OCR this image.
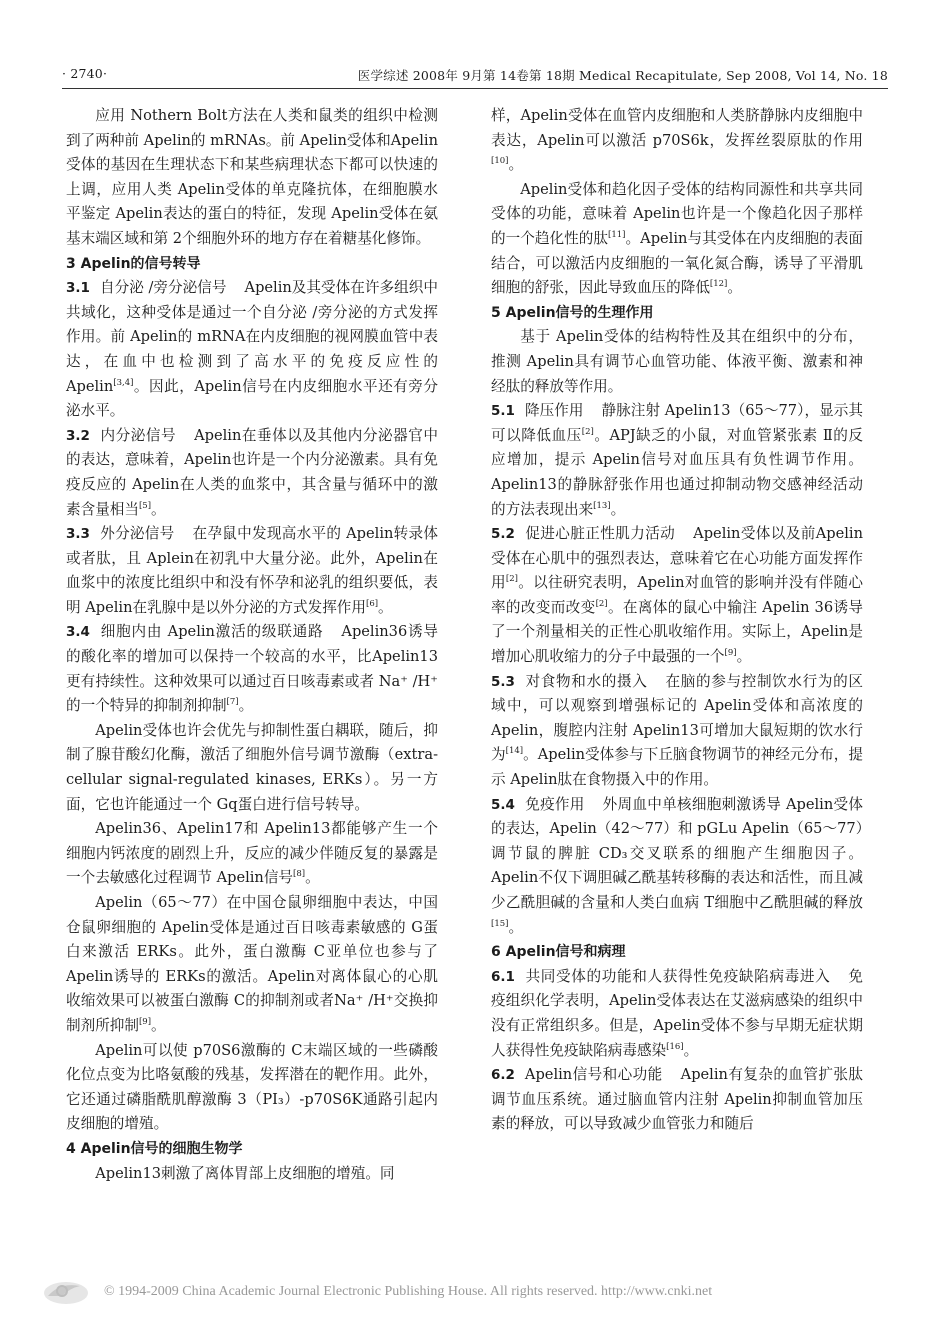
· 2740·	医学综述 2008年 9月第 14卷第 18期 Medical Recapitulate, Sep 2008, Vol 14, No. 18

应用 Nothern Bolt方法在人类和鼠类的组织中检测到了两种前 Apelin的 mRNAs。前 Apelin受体和Apelin受体的基因在生理状态下和某些病理状态下都可以快速的上调，应用人类 Apelin受体的单克隆抗体，在细胞膜水平鉴定 Apelin表达的蛋白的特征，发现 Apelin受体在氨基末端区域和第 2个细胞外环的地方存在着糖基化修饰。

3 Apelin的信号转导

3.1 自分泌 /旁分泌信号 Apelin及其受体在许多组织中共域化，这种受体是通过一个自分泌 /旁分泌的方式发挥作用。前 Apelin的 mRNA在内皮细胞的视网膜血管中表达，在血中也检测到了高水平的免疫反应性的 Apelin[3,4]。因此，Apelin信号在内皮细胞水平还有旁分泌水平。

3.2 内分泌信号 Apelin在垂体以及其他内分泌器官中的表达，意味着，Apelin也许是一个内分泌激素。具有免疫反应的 Apelin在人类的血浆中，其含量与循环中的激素含量相当[5]。

3.3 外分泌信号 在孕鼠中发现高水平的 Apelin转录体或者肽，且 Aplein在初乳中大量分泌。此外，Apelin在血浆中的浓度比组织中和没有怀孕和泌乳的组织要低，表明 Apelin在乳腺中是以外分泌的方式发挥作用[6]。

3.4 细胞内由 Apelin激活的级联通路 Apelin36诱导的酸化率的增加可以保持一个较高的水平，比Apelin13更有持续性。这种效果可以通过百日咳毒素或者 Na⁺ /H⁺的一个特异的抑制剂抑制[7]。

Apelin受体也许会优先与抑制性蛋白耦联，随后，抑制了腺苷酸幻化酶，激活了细胞外信号调节激酶（extra-cellular signal-regulated kinases, ERKs）。另一方面，它也许能通过一个 Gq蛋白进行信号转导。

Apelin36、Apelin17和 Apelin13都能够产生一个细胞内钙浓度的剧烈上升，反应的减少伴随反复的暴露是一个去敏感化过程调节 Apelin信号[8]。

Apelin（65～77）在中国仓鼠卵细胞中表达，中国仓鼠卵细胞的 Apelin受体是通过百日咳毒素敏感的 G蛋白来激活 ERKs。此外，蛋白激酶 C亚单位也参与了 Apelin诱导的 ERKs的激活。Apelin对离体鼠心的心肌收缩效果可以被蛋白激酶 C的抑制剂或者Na⁺ /H⁺交换抑制剂所抑制[9]。

Apelin可以使 p70S6激酶的 C末端区域的一些磷酸化位点变为比咯氨酸的残基，发挥潜在的靶作用。此外，它还通过磷脂酰肌醇激酶 3（PI₃）-p70S6K通路引起内皮细胞的增殖。

4 Apelin信号的细胞生物学

Apelin13刺激了离体胃部上皮细胞的增殖。同

样，Apelin受体在血管内皮细胞和人类脐静脉内皮细胞中表达，Apelin可以激活 p70S6k，发挥丝裂原肽的作用[10]。

Apelin受体和趋化因子受体的结构同源性和共享共同受体的功能，意味着 Apelin也许是一个像趋化因子那样的一个趋化性的肽[11]。Apelin与其受体在内皮细胞的表面结合，可以激活内皮细胞的一氧化氮合酶，诱导了平滑肌细胞的舒张，因此导致血压的降低[12]。

5 Apelin信号的生理作用

基于 Apelin受体的结构特性及其在组织中的分布，推测 Apelin具有调节心血管功能、体液平衡、激素和神经肽的释放等作用。

5.1 降压作用 静脉注射 Apelin13（65～77），显示其可以降低血压[2]。APJ缺乏的小鼠，对血管紧张素 Ⅱ的反应增加，提示 Apelin信号对血压具有负性调节作用。Apelin13的静脉舒张作用也通过抑制动物交感神经活动的方法表现出来[13]。

5.2 促进心脏正性肌力活动 Apelin受体以及前Apelin受体在心肌中的强烈表达，意味着它在心功能方面发挥作用[2]。以往研究表明，Apelin对血管的影响并没有伴随心率的改变而改变[2]。在离体的鼠心中输注 Apelin 36诱导了一个剂量相关的正性心肌收缩作用。实际上，Apelin是增加心肌收缩力的分子中最强的一个[9]。

5.3 对食物和水的摄入 在脑的参与控制饮水行为的区域中，可以观察到增强标记的 Apelin受体和高浓度的 Apelin，腹腔内注射 Apelin13可增加大鼠短期的饮水行为[14]。Apelin受体参与下丘脑食物调节的神经元分布，提示 Apelin肽在食物摄入中的作用。

5.4 免疫作用 外周血中单核细胞刺激诱导 Apelin受体的表达，Apelin（42～77）和 pGLu Apelin（65～77）调节鼠的脾脏 CD₃交叉联系的细胞产生细胞因子。Apelin不仅下调胆碱乙酰基转移酶的表达和活性，而且减少乙酰胆碱的含量和人类白血病 T细胞中乙酰胆碱的释放[15]。

6 Apelin信号和病理

6.1 共同受体的功能和人获得性免疫缺陷病毒进入 免疫组织化学表明，Apelin受体表达在艾滋病感染的组织中没有正常组织多。但是，Apelin受体不参与早期无症状期人获得性免疫缺陷病毒感染[16]。

6.2 Apelin信号和心功能 Apelin有复杂的血管扩张肽调节血压系统。通过脑血管内注射 Apelin抑制血管加压素的释放，可以导致减少血管张力和随后

© 1994-2009 China Academic Journal Electronic Publishing House. All rights reserved. http://www.cnki.net
